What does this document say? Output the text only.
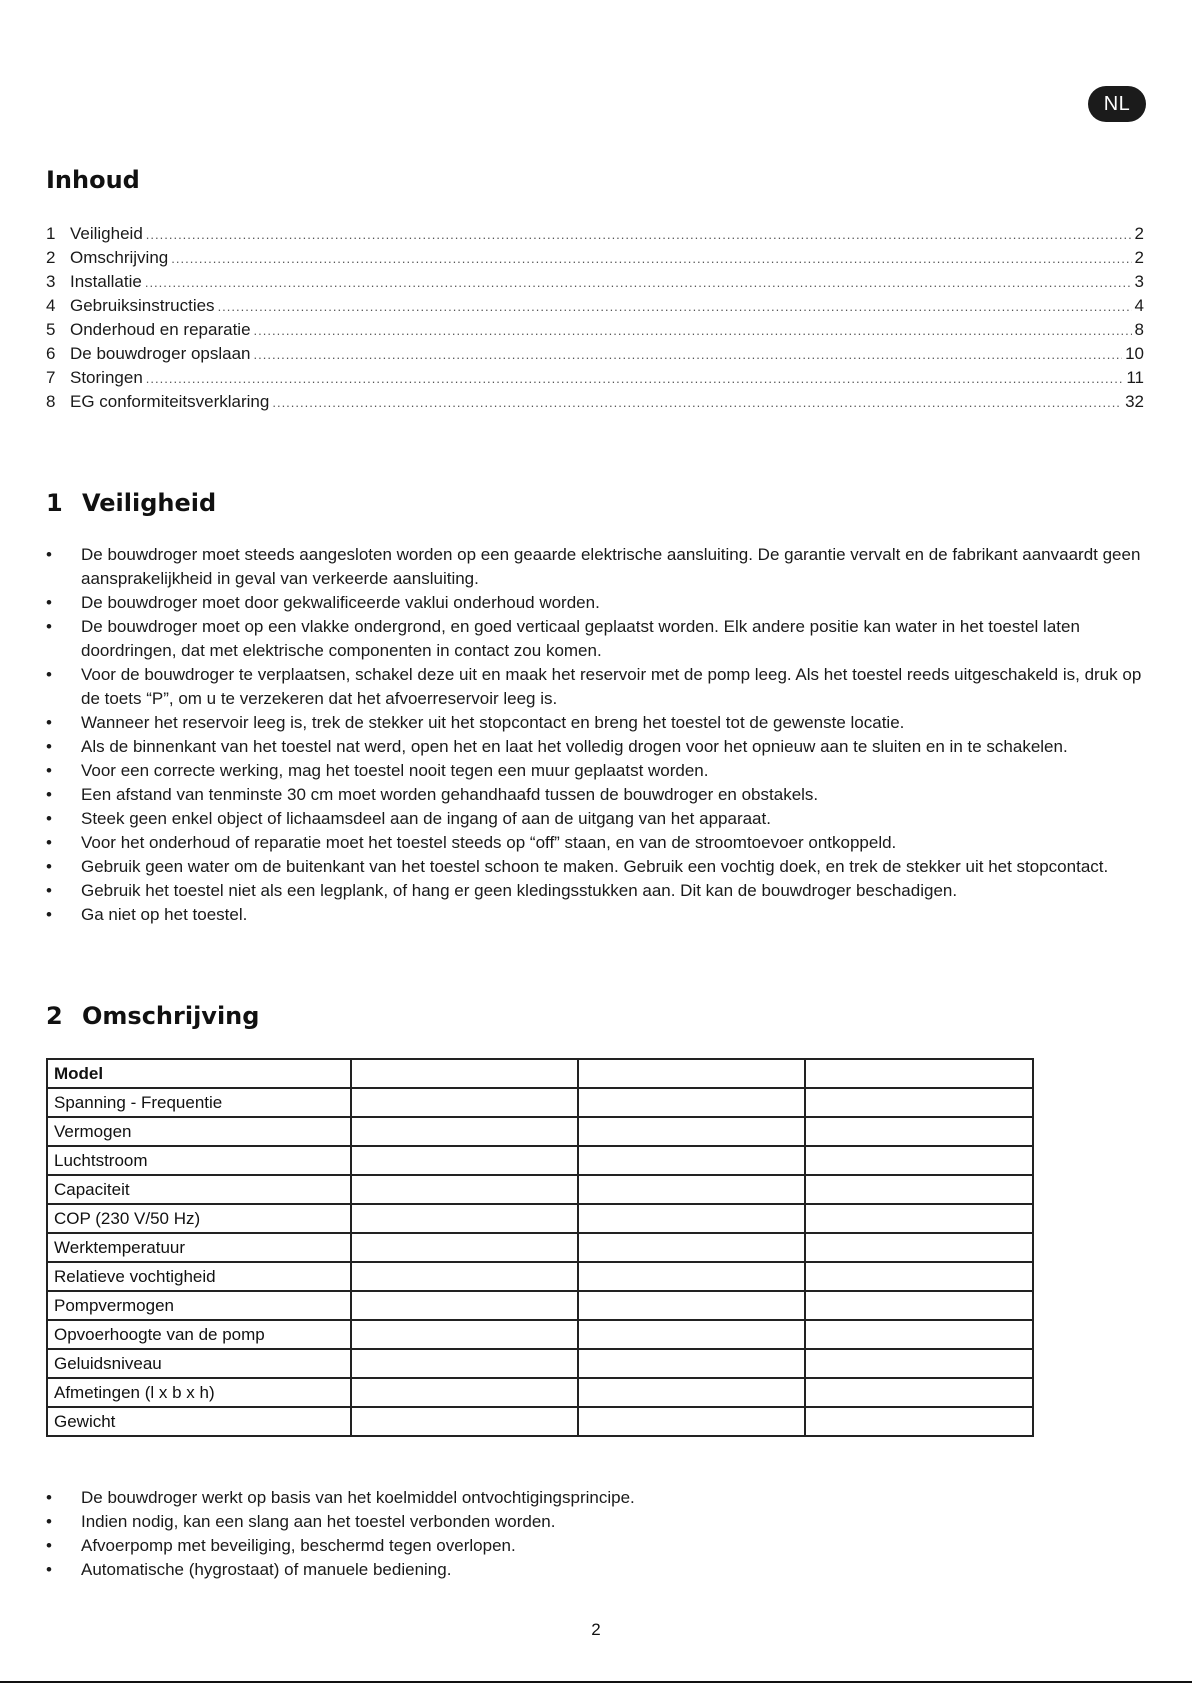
NL
Inhoud
1 Veiligheid .....	2
2 Omschrijving .....	2
3 Installatie .....	3
4 Gebruiksinstructies .....	4
5 Onderhoud en reparatie .....	8
6 De bouwdroger opslaan .....	10
7 Storingen .....	11
8 EG conformiteitsverklaring .....	32
1 Veiligheid
• De bouwdroger moet steeds aangesloten worden op een geaarde elektrische aansluiting. De garantie vervalt en de fabrikant aanvaardt geen aansprakelijkheid in geval van verkeerde aansluiting.
• De bouwdroger moet door gekwalificeerde vaklui onderhoud worden.
• De bouwdroger moet op een vlakke ondergrond, en goed verticaal geplaatst worden. Elk andere positie kan water in het toestel laten doordringen, dat met elektrische componenten in contact zou komen.
• Voor de bouwdroger te verplaatsen, schakel deze uit en maak het reservoir met de pomp leeg. Als het toestel reeds uitgeschakeld is, druk op de toets “P”, om u te verzekeren dat het afvoerreservoir leeg is.
• Wanneer het reservoir leeg is, trek de stekker uit het stopcontact en breng het toestel tot de gewenste locatie.
• Als de binnenkant van het toestel nat werd, open het en laat het volledig drogen voor het opnieuw aan te sluiten en in te schakelen.
• Voor een correcte werking, mag het toestel nooit tegen een muur geplaatst worden.
• Een afstand van tenminste 30 cm moet worden gehandhaafd tussen de bouwdroger en obstakels.
• Steek geen enkel object of lichaamsdeel aan de ingang of aan de uitgang van het apparaat.
• Voor het onderhoud of reparatie moet het toestel steeds op “off” staan, en van de stroomtoevoer ontkoppeld.
• Gebruik geen water om de buitenkant van het toestel schoon te maken. Gebruik een vochtig doek, en trek de stekker uit het stopcontact.
• Gebruik het toestel niet als een legplank, of hang er geen kledingsstukken aan. Dit kan de bouwdroger beschadigen.
• Ga niet op het toestel.
2 Omschrijving
Model			
Spanning - Frequentie			
Vermogen			
Luchtstroom			
Capaciteit			
COP (230 V/50 Hz)			
Werktemperatuur			
Relatieve vochtigheid			
Pompvermogen			
Opvoerhoogte van de pomp			
Geluidsniveau			
Afmetingen (l x b x h)			
Gewicht			
• De bouwdroger werkt op basis van het koelmiddel ontvochtigingsprincipe.
• Indien nodig, kan een slang aan het toestel verbonden worden.
• Afvoerpomp met beveiliging, beschermd tegen overlopen.
• Automatische (hygrostaat) of manuele bediening.
2
